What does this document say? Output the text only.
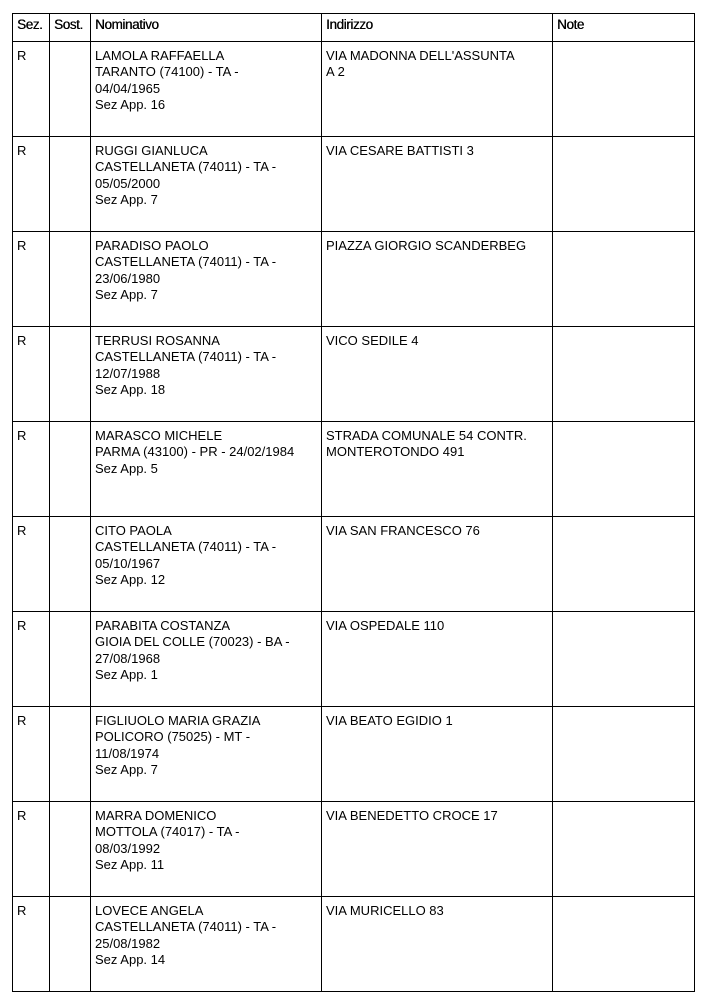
Sez.	Sost.	Nominativo	Indirizzo	Note

R		LAMOLA RAFFAELLA
TARANTO (74100) - TA -
04/04/1965
Sez App. 16	VIA MADONNA DELL'ASSUNTA
A 2	

R		RUGGI GIANLUCA
CASTELLANETA (74011) - TA -
05/05/2000
Sez App. 7	VIA CESARE BATTISTI 3	

R		PARADISO PAOLO
CASTELLANETA (74011) - TA -
23/06/1980
Sez App. 7	PIAZZA GIORGIO SCANDERBEG	

R		TERRUSI ROSANNA
CASTELLANETA (74011) - TA -
12/07/1988
Sez App. 18	VICO SEDILE 4	

R		MARASCO MICHELE
PARMA (43100) - PR - 24/02/1984
Sez App. 5	STRADA COMUNALE 54 CONTR.
MONTEROTONDO 491	

R		CITO PAOLA
CASTELLANETA (74011) - TA -
05/10/1967
Sez App. 12	VIA SAN FRANCESCO 76	

R		PARABITA COSTANZA
GIOIA DEL COLLE (70023) - BA -
27/08/1968
Sez App. 1	VIA OSPEDALE 110	

R		FIGLIUOLO MARIA GRAZIA
POLICORO (75025) - MT -
11/08/1974
Sez App. 7	VIA BEATO EGIDIO 1	

R		MARRA DOMENICO
MOTTOLA (74017) - TA -
08/03/1992
Sez App. 11	VIA BENEDETTO CROCE 17	

R		LOVECE ANGELA
CASTELLANETA (74011) - TA -
25/08/1982
Sez App. 14	VIA MURICELLO 83	
